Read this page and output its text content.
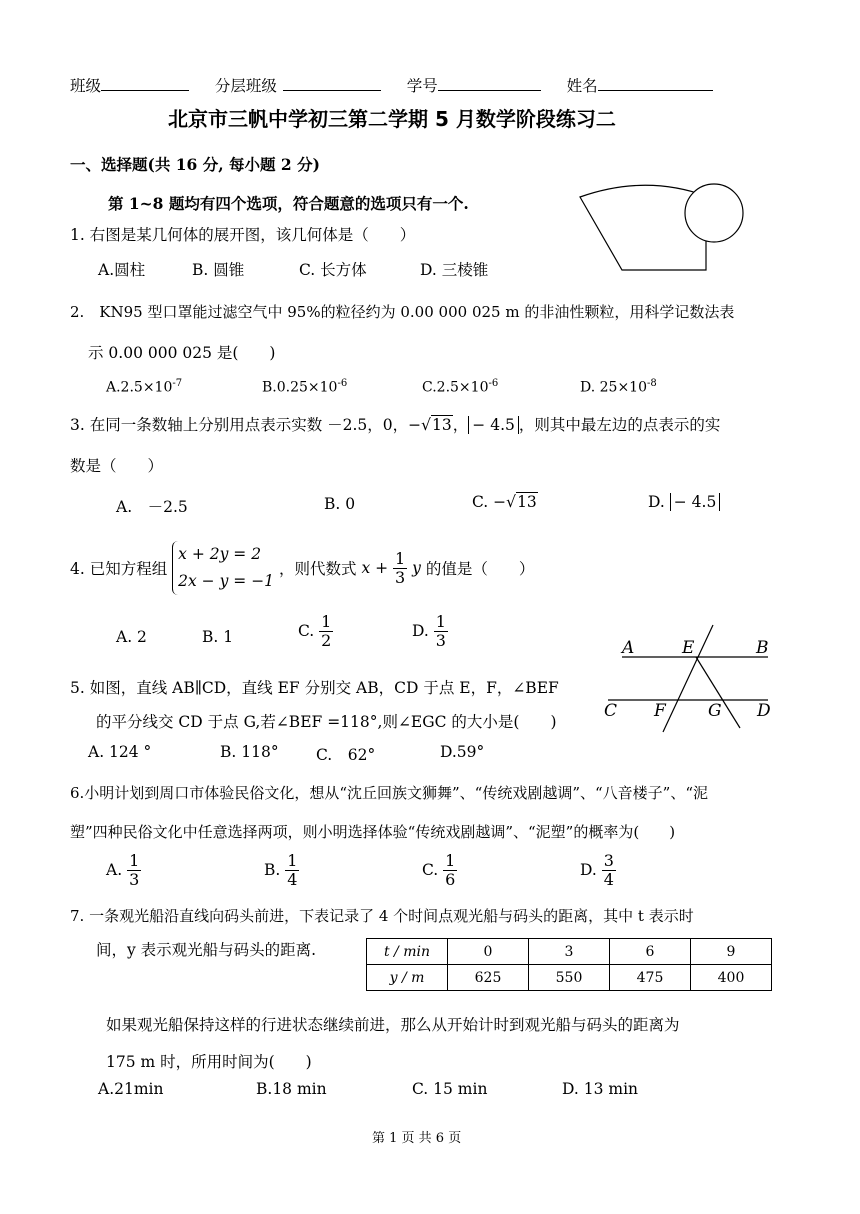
班级	分层班级	学号	姓名
北京市三帆中学初三第二学期 5 月数学阶段练习二
一、选择题(共 16 分, 每小题 2 分)
第 1~8 题均有四个选项，符合题意的选项只有一个.
1. 右图是某几何体的展开图，该几何体是（　　）
A.圆柱	B. 圆锥	C. 长方体	D. 三棱锥
2.　KN95 型口罩能过滤空气中 95%的粒径约为 0.00 000 025 m 的非油性颗粒，用科学记数法表
示 0.00 000 025 是(　　)
$A.2.5\times 10^{-7}$	$B.0.25\times 10^{-6}$	$C.2.5\times 10^{-6}$	D. $25\times 10^{-8}$
3. 在同一条数轴上分别用点表示实数 －2.5，0，−√13， − 4.5 ，则其中最左边的点表示的实
数是（　　）
A.　－2.5	B. 0	C. −√13	D. − 4.5
4. 已知方程组
x + 2y = 2
2x − y = −1
，则代数式 $x + \frac{1}{3}$ y 的值是（　　）
A. 2	B. 1	C. $\frac{1}{2}$	D. $\frac{1}{3}$	A	E	B
C F G D
5. 如图，直线 AB∥CD，直线 EF 分别交 AB，CD 于点 E，F，∠BEF
的平分线交 CD 于点 G,若∠BEF =118°,则∠EGC 的大小是(　　)
A. 124 °	B. 118° C.　62°	D.59°
6.小明计划到周口市体验民俗文化，想从“沈丘回族文狮舞”、“传统戏剧越调”、“八音楼子”、“泥
塑”四种民俗文化中任意选择两项，则小明选择体验“传统戏剧越调”、“泥塑”的概率为(　　)
A. $\frac{1}{3}$	B. $\frac{1}{4}$	C. $\frac{1}{6}$	D. $\frac{3}{4}$
7. 一条观光船沿直线向码头前进，下表记录了 4 个时间点观光船与码头的距离，其中 t 表示时
间，y 表示观光船与码头的距离.	t / min	0	3	6	9
y / m	625	550	475	400
如果观光船保持这样的行进状态继续前进，那么从开始计时到观光船与码头的距离为
175 m 时，所用时间为(　　)
A.21min	B.18 min	C. 15 min	D. 13 min
第 1 页 共 6 页
